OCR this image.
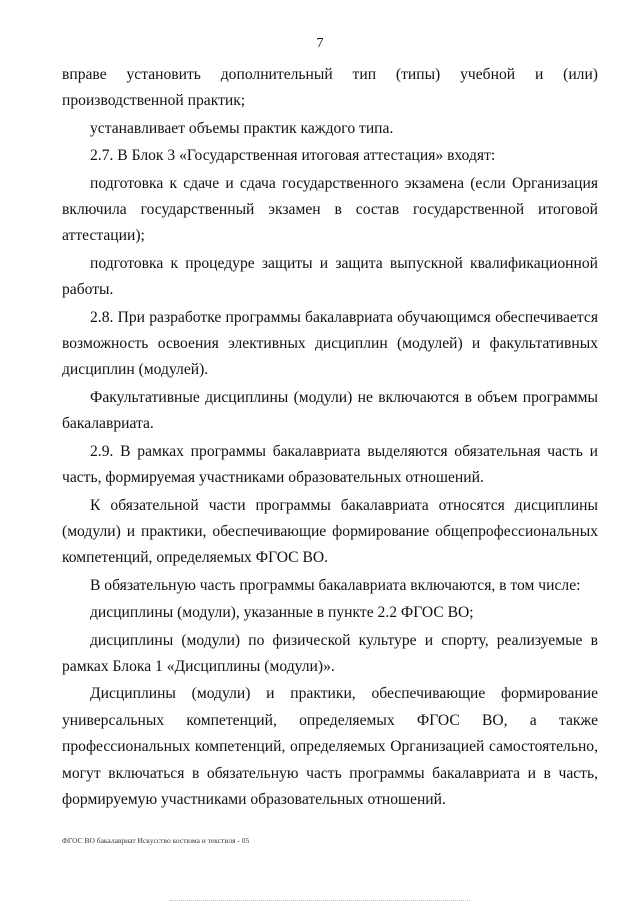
7

вправе установить дополнительный тип (типы) учебной и (или) производственной практик;

устанавливает объемы практик каждого типа.

2.7. В Блок 3 «Государственная итоговая аттестация» входят:

подготовка к сдаче и сдача государственного экзамена (если Организация включила государственный экзамен в состав государственной итоговой аттестации);

подготовка к процедуре защиты и защита выпускной квалификационной работы.

2.8. При разработке программы бакалавриата обучающимся обеспечивается возможность освоения элективных дисциплин (модулей) и факультативных дисциплин (модулей).

Факультативные дисциплины (модули) не включаются в объем программы бакалавриата.

2.9. В рамках программы бакалавриата выделяются обязательная часть и часть, формируемая участниками образовательных отношений.

К обязательной части программы бакалавриата относятся дисциплины (модули) и практики, обеспечивающие формирование общепрофессиональных компетенций, определяемых ФГОС ВО.

В обязательную часть программы бакалавриата включаются, в том числе:

дисциплины (модули), указанные в пункте 2.2 ФГОС ВО;

дисциплины (модули) по физической культуре и спорту, реализуемые в рамках Блока 1 «Дисциплины (модули)».

Дисциплины (модули) и практики, обеспечивающие формирование универсальных компетенций, определяемых ФГОС ВО, а также профессиональных компетенций, определяемых Организацией самостоятельно, могут включаться в обязательную часть программы бакалавриата и в часть, формируемую участниками образовательных отношений.

ФГОС ВО бакалавриат Искусство костюма и текстиля - 05
